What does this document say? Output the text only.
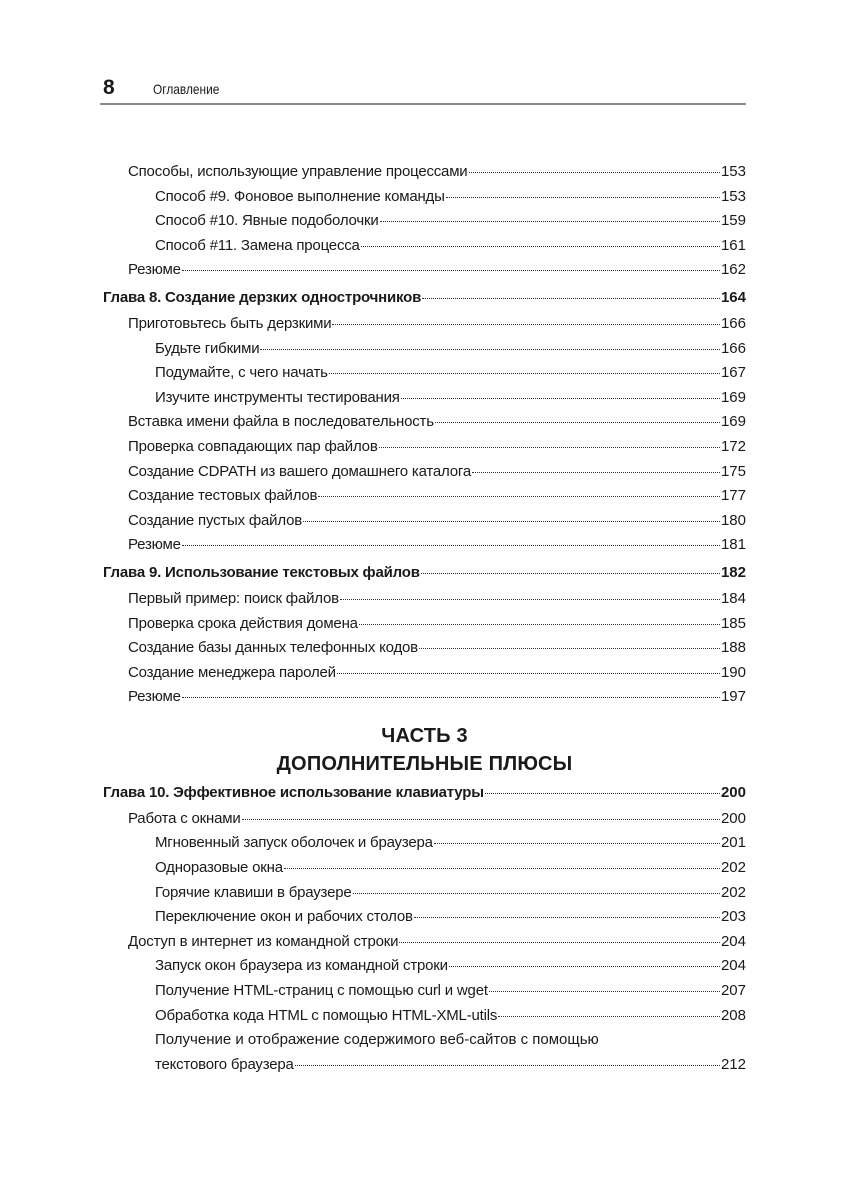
8	Оглавление
Способы, использующие управление процессами	153
Способ #9. Фоновое выполнение команды	153
Способ #10. Явные подоболочки	159
Способ #11. Замена процесса	161
Резюме	162
Глава 8. Создание дерзких однострочников	164
Приготовьтесь быть дерзкими	166
Будьте гибкими	166
Подумайте, с чего начать	167
Изучите инструменты тестирования	169
Вставка имени файла в последовательность	169
Проверка совпадающих пар файлов	172
Создание CDPATH из вашего домашнего каталога	175
Создание тестовых файлов	177
Создание пустых файлов	180
Резюме	181
Глава 9. Использование текстовых файлов	182
Первый пример: поиск файлов	184
Проверка срока действия домена	185
Создание базы данных телефонных кодов	188
Создание менеджера паролей	190
Резюме	197
ЧАСТЬ 3
ДОПОЛНИТЕЛЬНЫЕ ПЛЮСЫ
Глава 10. Эффективное использование клавиатуры	200
Работа с окнами	200
Мгновенный запуск оболочек и браузера	201
Одноразовые окна	202
Горячие клавиши в браузере	202
Переключение окон и рабочих столов	203
Доступ в интернет из командной строки	204
Запуск окон браузера из командной строки	204
Получение HTML-страниц с помощью curl и wget	207
Обработка кода HTML с помощью HTML-XML-utils	208
Получение и отображение содержимого веб-сайтов с помощью
текстового браузера	212
